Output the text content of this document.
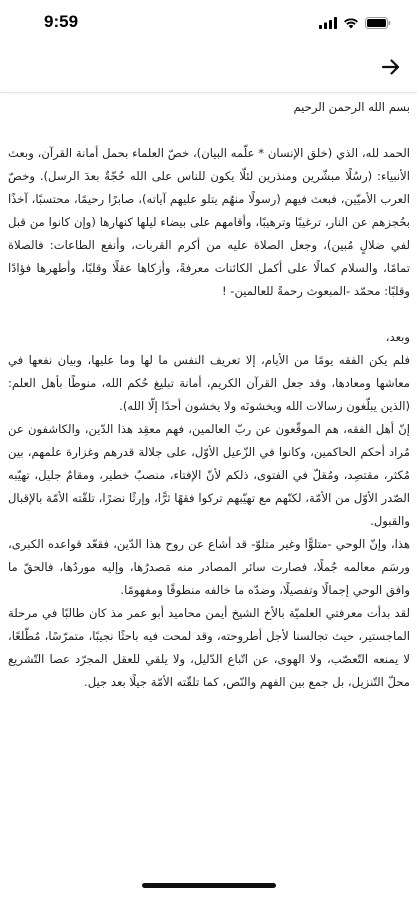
9:59

بسم الله الرحمن الرحيم

الحمد لله، الذي (خلق الإنسان * علّمه البيان)، خصّ العلماء بحمل أمانة القرآن، وبعث الأنبياء: (رسُلًا مبشّرين ومنذرين لئلّا يكون للناس على الله حُجّةٌ بعدَ الرسل). وخصّ العرب الأميّين، فبعث فيهم (رسولًا منهُم يتلو عليهم آياته)، صابرًا رحيمًا، محتسبًا، آخذًا بحُجزهم عن النار، ترغيبًا وترهيبًا، وأقامهم على بيضاء ليلها كنهارها (وإن كانوا من قبل لفي ضلالٍ مُبين)، وجعل الصلاة عليه من أكرم القربات، وأنفع الطاعات: فالصلاة تمامًا، والسلام كمالًا على أكمل الكائنات معرفةً، وأزكاها عقلًا وقلبًا، وأطهرها فؤادًا وقلبًا: محمّد -المبعوث رحمةً للعالمين- !

وبعد،
فلم يكن الفقه يومًا من الأيام، إلا تعريف النفس ما لها وما عليها، وبيان نفعها في معاشها ومعادها، وقد جعل القرآن الكريم، أمانة تبليغ حُكم الله، منوطًا بأهل العلم: (الذين يبلّغون رسالات الله ويخشونَه ولا يخشون أحدًا إلّا الله).
إنّ أهل الفقه، هم الموقّعون عن ربّ العالمين، فهم معقِد هذا الدّين، والكاشفون عن مُراد أحكم الحاكمين، وكانوا في الزّعيل الأوّل، على جلالة قدرهم وغزارة علمهم، بين مُكثر، مقتصِد، ومُقلّ في الفتوى، ذلكم لأنّ الإفتاء، منصبٌ خطير، ومقامٌ جليل، تهيّبه الصّدر الأوّل من الأمّة، لكنّهم مع تهيّبهم تركوا فقهًا ثرًّا، وإرثًا نضرًا، تلقّته الأمّة بالإقبال والقبول.
هذا، وإنّ الوحي -متلوًّا وغير متلوّ- قد أشاع عن روح هذا الدّين، فقعّد قواعده الكبرى، ورسَم معالمه جُملًا، فصارت سائر المصادر منه مَصدرُها، وإليه موردُها، فالحقّ ما وافق الوحي إجمالًا وتفصيلًا، وضدّه ما خالفه منطوقًا ومفهومًا.
لقد بدأت معرفتي العلميّة بالأخ الشيخ أيمن محاميد أبو عمر مذ كان طالبًا في مرحلة الماجستير، حيث تجالسنا لأجل أطروحته، وقد لمحت فيه باحثًا نجيبًا، متمرّسًا، مُطّلعًا، لا يمنعه التّعصّب، ولا الهوى، عن اتّباع الدّليل، ولا يلقي للعقل المجرّد عصا التّشريع محلّ التّنزيل، بل جمع بين الفهم والنّص، كما تلقّته الأمّة جيلًا بعد جيل.
